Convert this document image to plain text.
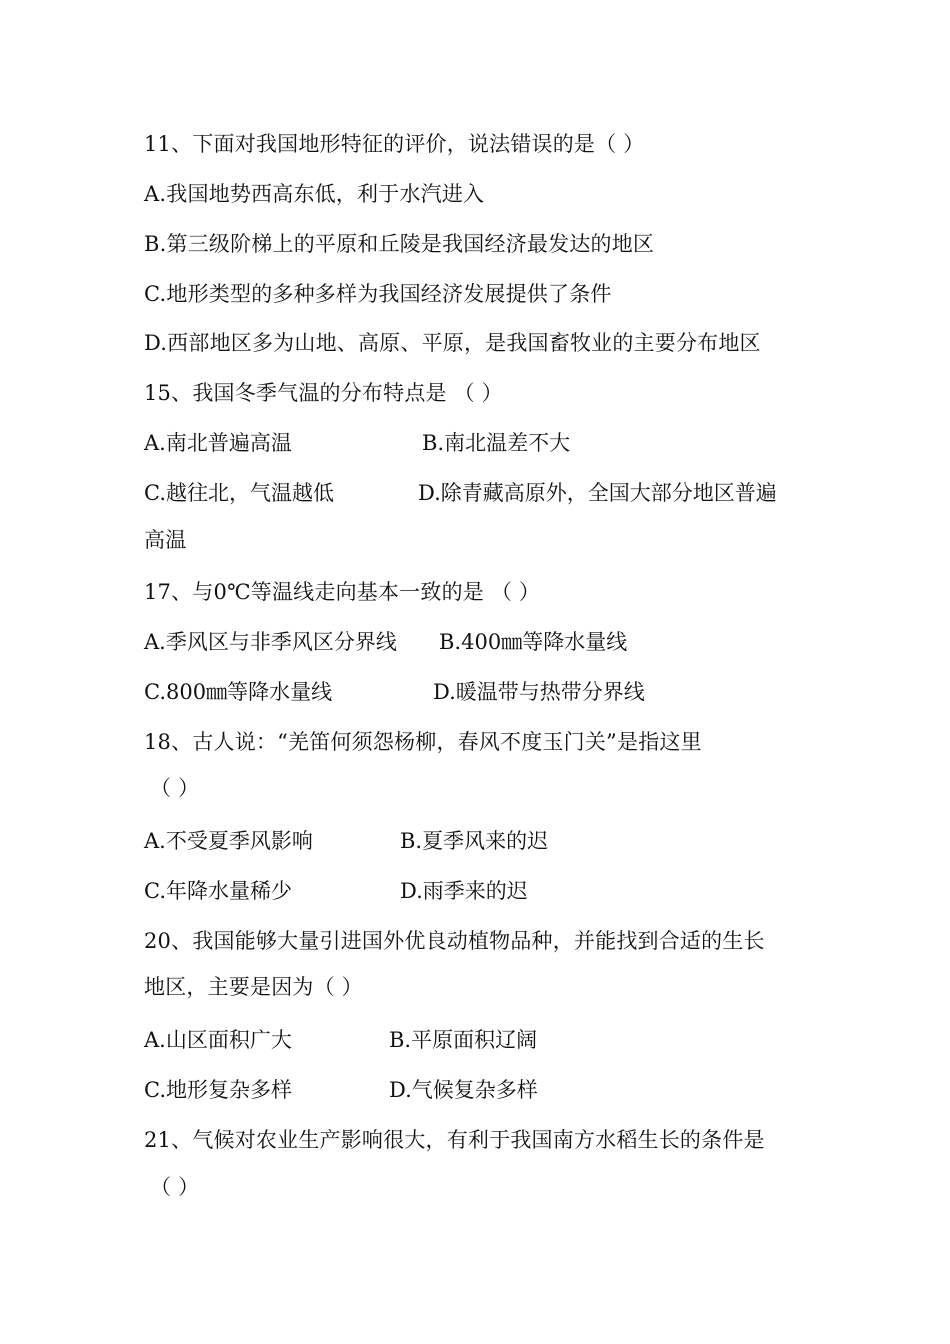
11、下面对我国地形特征的评价，说法错误的是（ ）
A.我国地势西高东低，利于水汽进入
B.第三级阶梯上的平原和丘陵是我国经济最发达的地区
C.地形类型的多种多样为我国经济发展提供了条件
D.西部地区多为山地、高原、平原，是我国畜牧业的主要分布地区
15、我国冬季气温的分布特点是 （ ）
A.南北普遍高温	B.南北温差不大
C.越往北，气温越低	D.除青藏高原外，全国大部分地区普遍
高温
17、与0℃等温线走向基本一致的是 （ ）
A.季风区与非季风区分界线 B.400㎜等降水量线
C.800㎜等降水量线	D.暖温带与热带分界线
18、古人说：“羌笛何须怨杨柳，春风不度玉门关”是指这里
（ ）
A.不受夏季风影响	B.夏季风来的迟
C.年降水量稀少	D.雨季来的迟
20、我国能够大量引进国外优良动植物品种，并能找到合适的生长
地区，主要是因为（ ）
A.山区面积广大	B.平原面积辽阔
C.地形复杂多样	D.气候复杂多样
21、气候对农业生产影响很大，有利于我国南方水稻生长的条件是
（ ）
